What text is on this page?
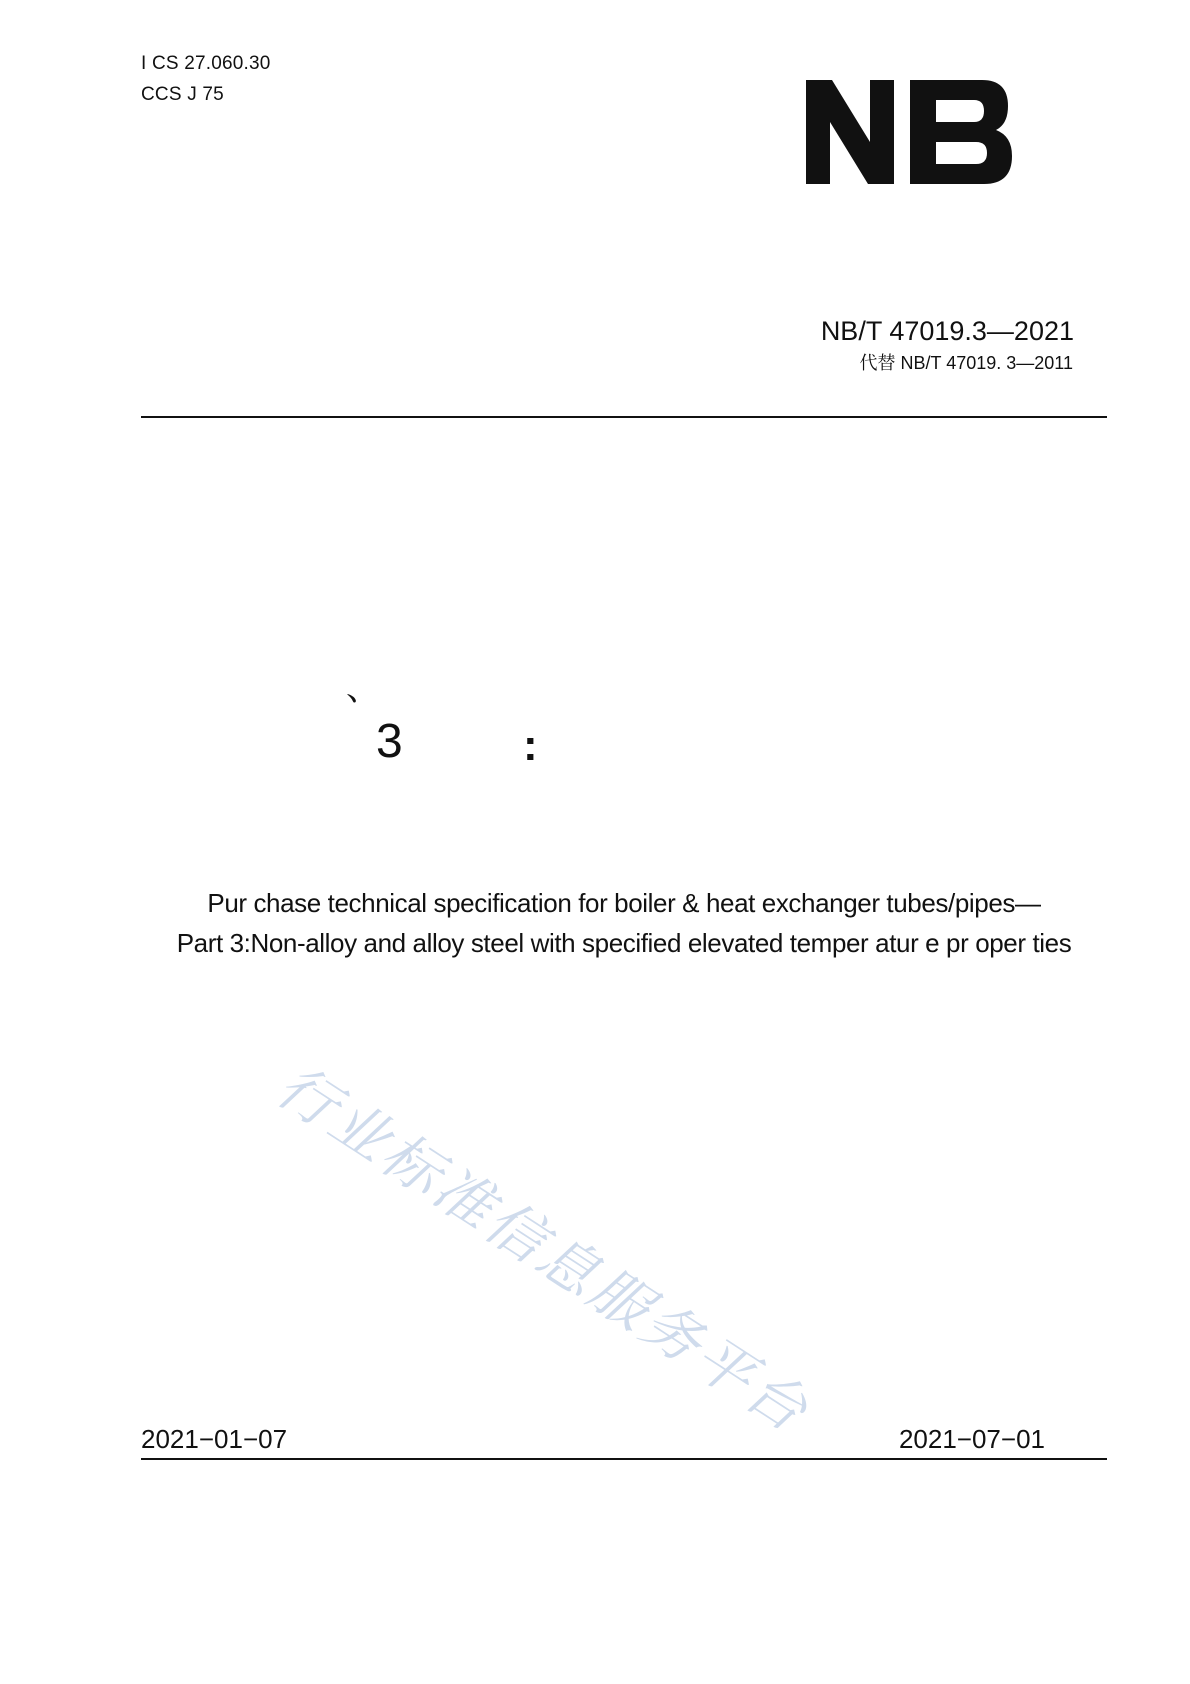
I CS 27.060.30
CCS J 75
NB/T 47019.3—2021
代替 NB/T 47019. 3—2011
、
3	:
Pur chase technical specification for boiler & heat exchanger tubes/pipes—
Part 3:Non-alloy and alloy steel with specified elevated temper atur e pr oper ties
行业标准信息服务平台
2021−01−07	2021−07−01
